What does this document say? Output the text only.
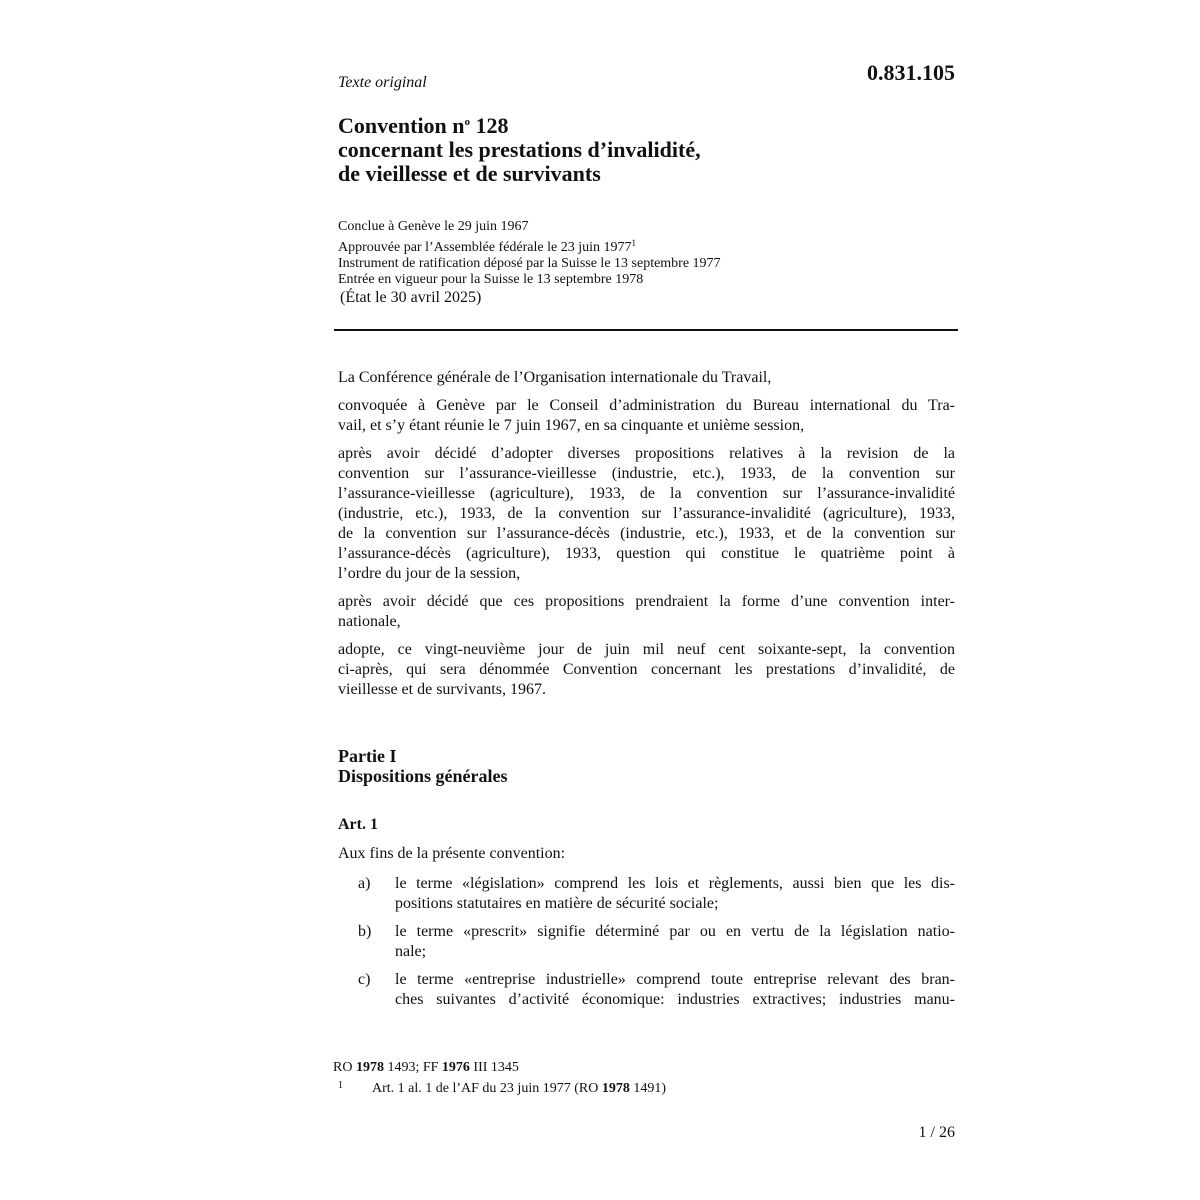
0.831.105
Texte original
Convention $n^o$ 128
concernant les prestations d’invalidité,
de vieillesse et de survivants
Conclue à Genève le 29 juin 1967
Approuvée par l’Assemblée fédérale le 23 juin 1977$^1$
Instrument de ratification déposé par la Suisse le 13 septembre 1977
Entrée en vigueur pour la Suisse le 13 septembre 1978
(État le 30 avril 2025)

La Conférence générale de l’Organisation internationale du Travail,

convoquée à Genève par le Conseil d’administration du Bureau international du Tra-
vail, et s’y étant réunie le 7 juin 1967, en sa cinquante et unième session,

après avoir décidé d’adopter diverses propositions relatives à la revision de la
convention sur l’assurance-vieillesse (industrie, etc.), 1933, de la convention sur
l’assurance-vieillesse (agriculture), 1933, de la convention sur l’assurance-invalidité
(industrie, etc.), 1933, de la convention sur l’assurance-invalidité (agriculture), 1933,
de la convention sur l’assurance-décès (industrie, etc.), 1933, et de la convention sur
l’assurance-décès (agriculture), 1933, question qui constitue le quatrième point à
l’ordre du jour de la session,

après avoir décidé que ces propositions prendraient la forme d’une convention inter-
nationale,

adopte, ce vingt-neuvième jour de juin mil neuf cent soixante-sept, la convention
ci-après, qui sera dénommée Convention concernant les prestations d’invalidité, de
vieillesse et de survivants, 1967.

Partie I
Dispositions générales
Art. 1
Aux fins de la présente convention:
a) le terme «législation» comprend les lois et règlements, aussi bien que les dis-
positions statutaires en matière de sécurité sociale;
b) le terme «prescrit» signifie déterminé par ou en vertu de la législation natio-
nale;
c) le terme «entreprise industrielle» comprend toute entreprise relevant des bran-
ches suivantes d’activité économique: industries extractives; industries manu-
RO 1978 1493; FF 1976 III 1345
1 Art. 1 al. 1 de l’AF du 23 juin 1977 (RO 1978 1491)
1 / 26
